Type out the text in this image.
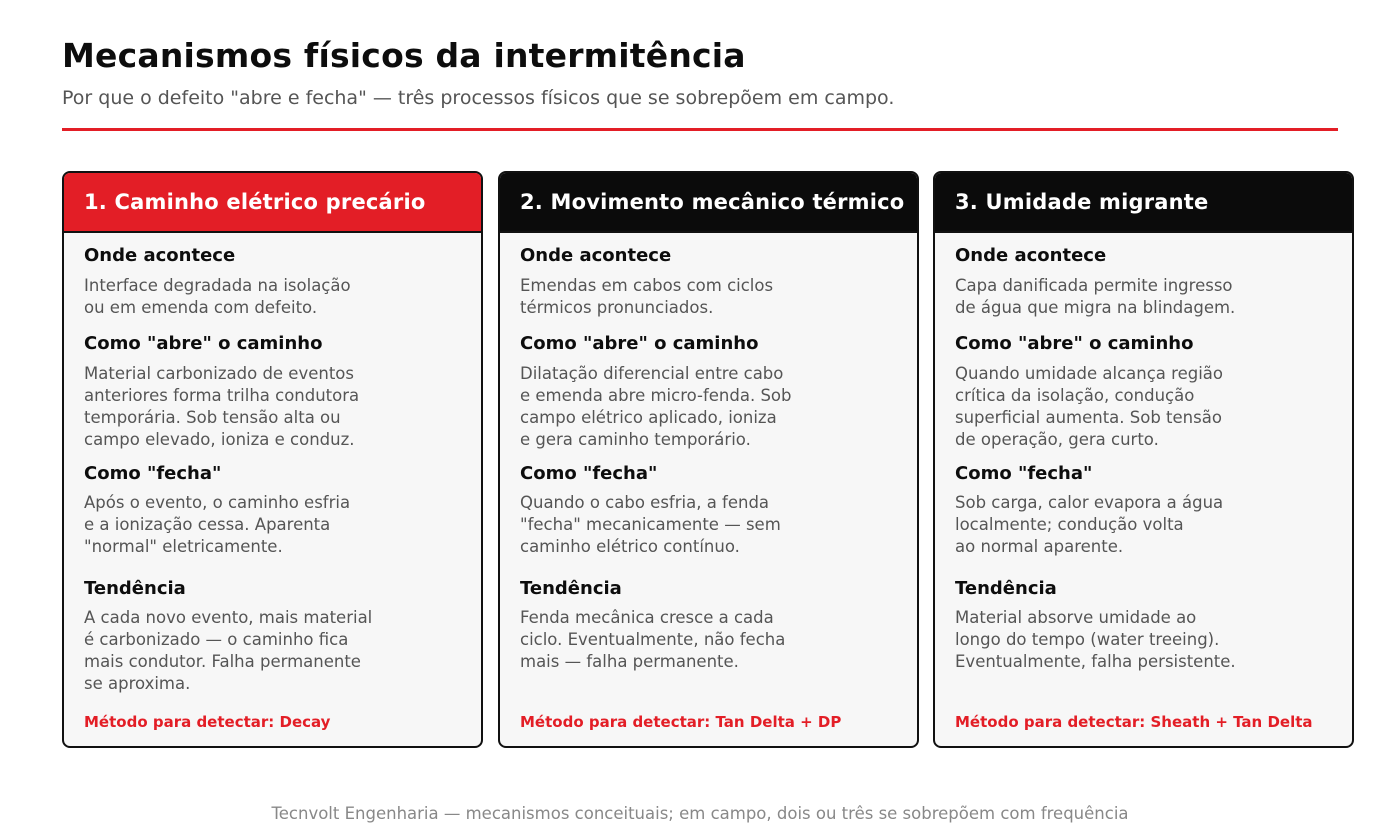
Mecanismos físicos da intermitência
Por que o defeito "abre e fecha" — três processos físicos que se sobrepõem em campo.
1. Caminho elétrico precário
Onde acontece
Interface degradada na isolação
ou em emenda com defeito.
Como "abre" o caminho
Material carbonizado de eventos
anteriores forma trilha condutora
temporária. Sob tensão alta ou
campo elevado, ioniza e conduz.
Como "fecha"
Após o evento, o caminho esfria
e a ionização cessa. Aparenta
"normal" eletricamente.
Tendência
A cada novo evento, mais material
é carbonizado — o caminho fica
mais condutor. Falha permanente
se aproxima.
Método para detectar: Decay
2. Movimento mecânico térmico
Onde acontece
Emendas em cabos com ciclos
térmicos pronunciados.
Como "abre" o caminho
Dilatação diferencial entre cabo
e emenda abre micro-fenda. Sob
campo elétrico aplicado, ioniza
e gera caminho temporário.
Como "fecha"
Quando o cabo esfria, a fenda
"fecha" mecanicamente — sem
caminho elétrico contínuo.
Tendência
Fenda mecânica cresce a cada
ciclo. Eventualmente, não fecha
mais — falha permanente.
Método para detectar: Tan Delta + DP
3. Umidade migrante
Onde acontece
Capa danificada permite ingresso
de água que migra na blindagem.
Como "abre" o caminho
Quando umidade alcança região
crítica da isolação, condução
superficial aumenta. Sob tensão
de operação, gera curto.
Como "fecha"
Sob carga, calor evapora a água
localmente; condução volta
ao normal aparente.
Tendência
Material absorve umidade ao
longo do tempo (water treeing).
Eventualmente, falha persistente.
Método para detectar: Sheath + Tan Delta
Tecnvolt Engenharia — mecanismos conceituais; em campo, dois ou três se sobrepõem com frequência
